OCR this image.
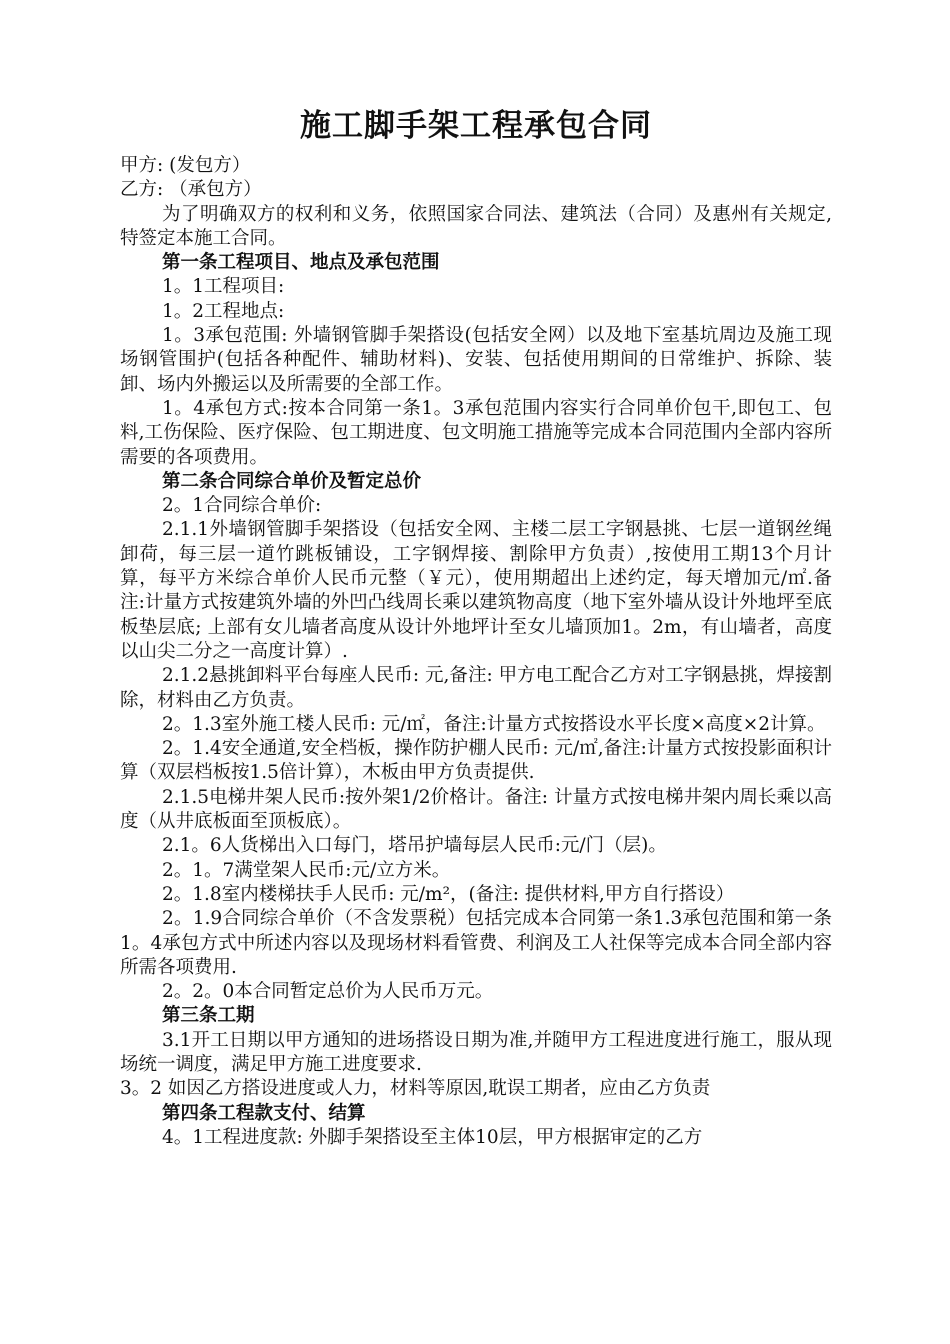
施工脚手架工程承包合同

甲方: (发包方）

乙方: （承包方）

为了明确双方的权利和义务，依照国家合同法、建筑法（合同）及惠州有关规定,特签定本施工合同。

第一条工程项目、地点及承包范围

1。1工程项目:

1。2工程地点:

1。3承包范围: 外墙钢管脚手架搭设(包括安全网）以及地下室基坑周边及施工现场钢管围护(包括各种配件、辅助材料)、安装、包括使用期间的日常维护、拆除、装卸、场内外搬运以及所需要的全部工作。

1。4承包方式:按本合同第一条1。3承包范围内容实行合同单价包干,即包工、包料,工伤保险、医疗保险、包工期进度、包文明施工措施等完成本合同范围内全部内容所需要的各项费用。

第二条合同综合单价及暂定总价

2。1合同综合单价:

2.1.1外墙钢管脚手架搭设（包括安全网、主楼二层工字钢悬挑、七层一道钢丝绳卸荷，每三层一道竹跳板铺设，工字钢焊接、割除甲方负责）,按使用工期13个月计算，每平方米综合单价人民币元整（￥元），使用期超出上述约定，每天增加元/㎡.备注:计量方式按建筑外墙的外凹凸线周长乘以建筑物高度（地下室外墙从设计外地坪至底板垫层底; 上部有女儿墙者高度从设计外地坪计至女儿墙顶加1。2m，有山墙者，高度以山尖二分之一高度计算）.

2.1.2悬挑卸料平台每座人民币: 元,备注: 甲方电工配合乙方对工字钢悬挑，焊接割除，材料由乙方负责。

2。1.3室外施工楼人民币: 元/㎡，备注:计量方式按搭设水平长度×高度×2计算。

2。1.4安全通道,安全档板，操作防护棚人民币: 元/㎡,备注:计量方式按投影面积计算（双层档板按1.5倍计算），木板由甲方负责提供.

2.1.5电梯井架人民币:按外架1/2价格计。备注: 计量方式按电梯井架内周长乘以高度（从井底板面至顶板底）。

2.1。6人货梯出入口每门，塔吊护墙每层人民币:元/门（层)。

2。1。7满堂架人民币:元/立方米。

2。1.8室内楼梯扶手人民币: 元/m²，(备注: 提供材料,甲方自行搭设）

2。1.9合同综合单价（不含发票税）包括完成本合同第一条1.3承包范围和第一条1。4承包方式中所述内容以及现场材料看管费、利润及工人社保等完成本合同全部内容所需各项费用.

2。2。0本合同暂定总价为人民币万元。

第三条工期

3.1开工日期以甲方通知的进场搭设日期为准,并随甲方工程进度进行施工，服从现场统一调度，满足甲方施工进度要求.

3。2 如因乙方搭设进度或人力，材料等原因,耽误工期者，应由乙方负责

第四条工程款支付、结算

4。1工程进度款: 外脚手架搭设至主体10层，甲方根据审定的乙方
